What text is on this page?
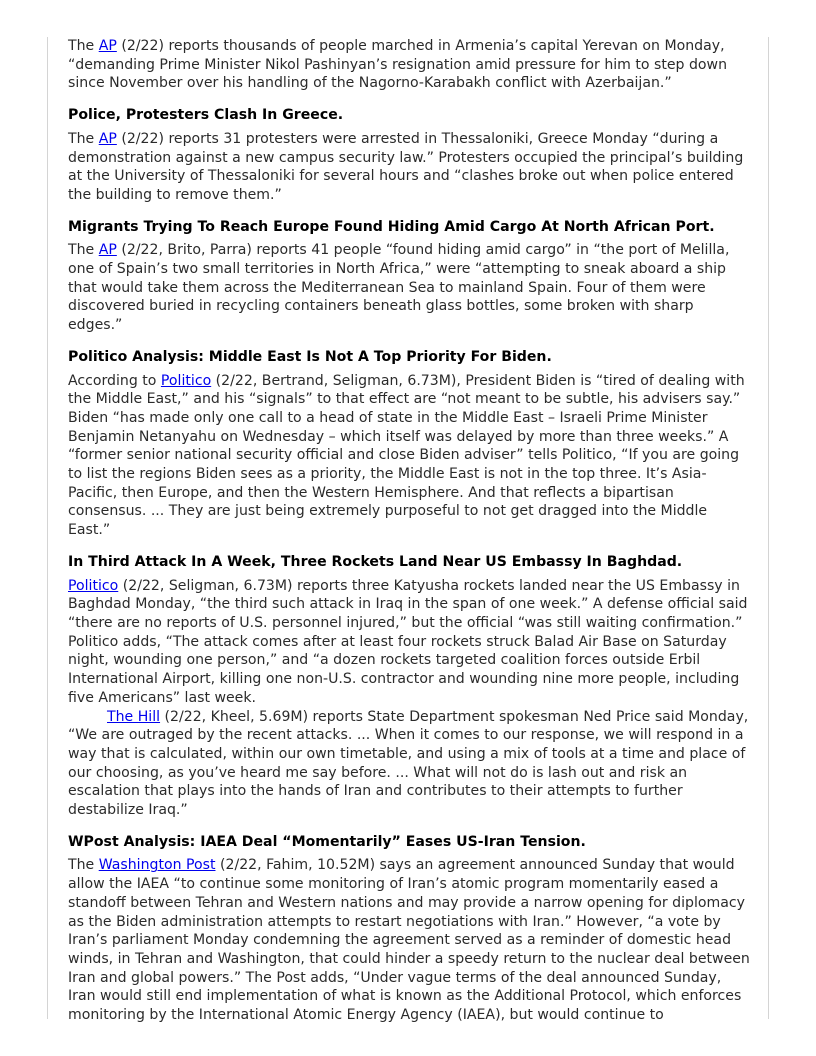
The AP (2/22) reports thousands of people marched in Armenia’s capital Yerevan on Monday, “demanding Prime Minister Nikol Pashinyan’s resignation amid pressure for him to step down since November over his handling of the Nagorno-Karabakh conflict with Azerbaijan.”

Police, Protesters Clash In Greece.

The AP (2/22) reports 31 protesters were arrested in Thessaloniki, Greece Monday “during a demonstration against a new campus security law.” Protesters occupied the principal’s building at the University of Thessaloniki for several hours and “clashes broke out when police entered the building to remove them.”

Migrants Trying To Reach Europe Found Hiding Amid Cargo At North African Port.

The AP (2/22, Brito, Parra) reports 41 people “found hiding amid cargo” in “the port of Melilla, one of Spain’s two small territories in North Africa,” were “attempting to sneak aboard a ship that would take them across the Mediterranean Sea to mainland Spain. Four of them were discovered buried in recycling containers beneath glass bottles, some broken with sharp edges.”

Politico Analysis: Middle East Is Not A Top Priority For Biden.

According to Politico (2/22, Bertrand, Seligman, 6.73M), President Biden is “tired of dealing with the Middle East,” and his “signals” to that effect are “not meant to be subtle, his advisers say.” Biden “has made only one call to a head of state in the Middle East – Israeli Prime Minister Benjamin Netanyahu on Wednesday – which itself was delayed by more than three weeks.” A “former senior national security official and close Biden adviser” tells Politico, “If you are going to list the regions Biden sees as a priority, the Middle East is not in the top three. It’s Asia-Pacific, then Europe, and then the Western Hemisphere. And that reflects a bipartisan consensus. ... They are just being extremely purposeful to not get dragged into the Middle East.”

In Third Attack In A Week, Three Rockets Land Near US Embassy In Baghdad.

Politico (2/22, Seligman, 6.73M) reports three Katyusha rockets landed near the US Embassy in Baghdad Monday, “the third such attack in Iraq in the span of one week.” A defense official said “there are no reports of U.S. personnel injured,” but the official “was still waiting confirmation.” Politico adds, “The attack comes after at least four rockets struck Balad Air Base on Saturday night, wounding one person,” and “a dozen rockets targeted coalition forces outside Erbil International Airport, killing one non-U.S. contractor and wounding nine more people, including five Americans” last week.

The Hill (2/22, Kheel, 5.69M) reports State Department spokesman Ned Price said Monday, “We are outraged by the recent attacks. ... When it comes to our response, we will respond in a way that is calculated, within our own timetable, and using a mix of tools at a time and place of our choosing, as you’ve heard me say before. ... What will not do is lash out and risk an escalation that plays into the hands of Iran and contributes to their attempts to further destabilize Iraq.”

WPost Analysis: IAEA Deal “Momentarily” Eases US-Iran Tension.

The Washington Post (2/22, Fahim, 10.52M) says an agreement announced Sunday that would allow the IAEA “to continue some monitoring of Iran’s atomic program momentarily eased a standoff between Tehran and Western nations and may provide a narrow opening for diplomacy as the Biden administration attempts to restart negotiations with Iran.” However, “a vote by Iran’s parliament Monday condemning the agreement served as a reminder of domestic head winds, in Tehran and Washington, that could hinder a speedy return to the nuclear deal between Iran and global powers.” The Post adds, “Under vague terms of the deal announced Sunday, Iran would still end implementation of what is known as the Additional Protocol, which enforces monitoring by the International Atomic Energy Agency (IAEA), but would continue to
